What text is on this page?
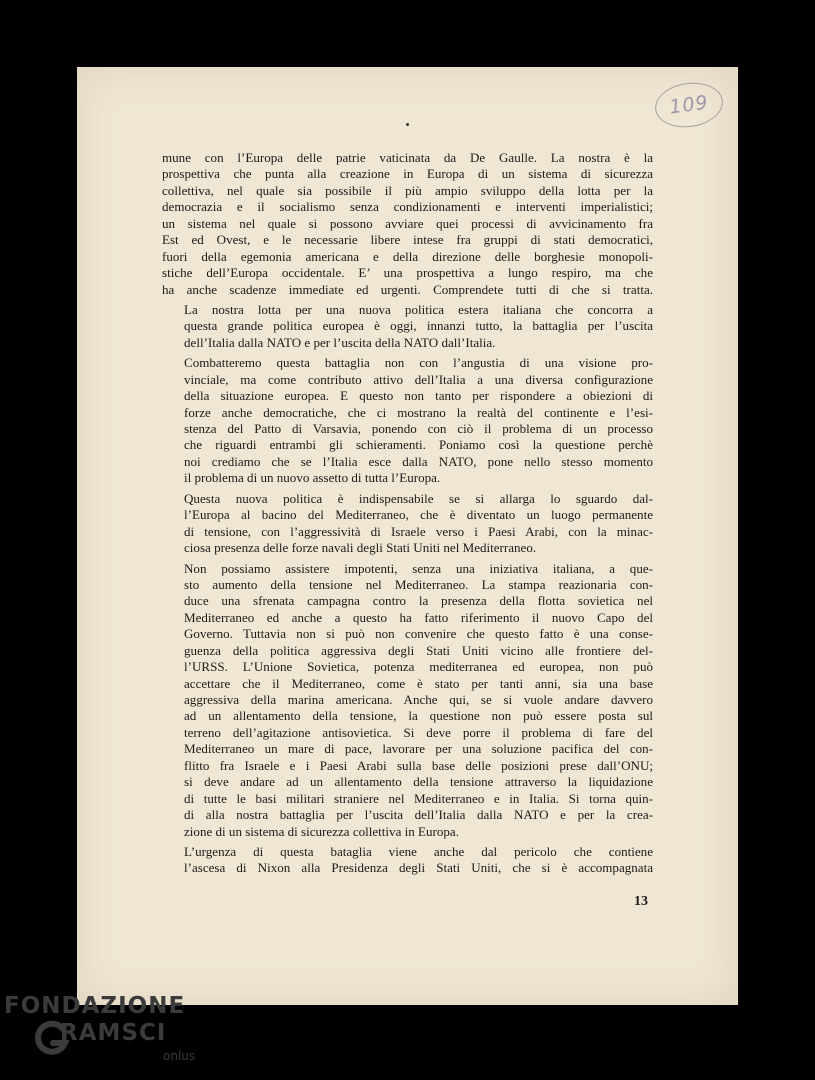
109

mune con l’Europa delle patrie vaticinata da De Gaulle. La nostra è la
prospettiva che punta alla creazione in Europa di un sistema di sicurezza
collettiva, nel quale sia possibile il più ampio sviluppo della lotta per la
democrazia e il socialismo senza condizionamenti e interventi imperialistici;
un sistema nel quale si possono avviare quei processi di avvicinamento fra
Est ed Ovest, e le necessarie libere intese fra gruppi di stati democratici,
fuori della egemonia americana e della direzione delle borghesie monopoli-
stiche dell’Europa occidentale. E’ una prospettiva a lungo respiro, ma che
ha anche scadenze immediate ed urgenti. Comprendete tutti di che si tratta.

La nostra lotta per una nuova politica estera italiana che concorra a
questa grande politica europea è oggi, innanzi tutto, la battaglia per l’uscita
dell’Italia dalla NATO e per l’uscita della NATO dall’Italia.

Combatteremo questa battaglia non con l’angustia di una visione pro-
vinciale, ma come contributo attivo dell’Italia a una diversa configurazione
della situazione europea. E questo non tanto per rispondere a obiezioni di
forze anche democratiche, che ci mostrano la realtà del continente e l’esi-
stenza del Patto di Varsavia, ponendo con ciò il problema di un processo
che riguardi entrambi gli schieramenti. Poniamo così la questione perchè
noi crediamo che se l’Italia esce dalla NATO, pone nello stesso momento
il problema di un nuovo assetto di tutta l’Europa.

Questa nuova politica è indispensabile se si allarga lo sguardo dal-
l’Europa al bacino del Mediterraneo, che è diventato un luogo permanente
di tensione, con l’aggressività di Israele verso i Paesi Arabi, con la minac-
ciosa presenza delle forze navali degli Stati Uniti nel Mediterraneo.

Non possiamo assistere impotenti, senza una iniziativa italiana, a que-
sto aumento della tensione nel Mediterraneo. La stampa reazionaria con-
duce una sfrenata campagna contro la presenza della flotta sovietica nel
Mediterraneo ed anche a questo ha fatto riferimento il nuovo Capo del
Governo. Tuttavia non si può non convenire che questo fatto è una conse-
guenza della politica aggressiva degli Stati Uniti vicino alle frontiere del-
l’URSS. L’Unione Sovietica, potenza mediterranea ed europea, non può
accettare che il Mediterraneo, come è stato per tanti anni, sia una base
aggressiva della marina americana. Anche qui, se si vuole andare davvero
ad un allentamento della tensione, la questione non può essere posta sul
terreno dell’agitazione antisovietica. Si deve porre il problema di fare del
Mediterraneo un mare di pace, lavorare per una soluzione pacifica del con-
flitto fra Israele e i Paesi Arabi sulla base delle posizioni prese dall’ONU;
si deve andare ad un allentamento della tensione attraverso la liquidazione
di tutte le basi militari straniere nel Mediterraneo e in Italia. Si torna quin-
di alla nostra battaglia per l’uscita dell’Italia dalla NATO e per la crea-
zione di un sistema di sicurezza collettiva in Europa.

L’urgenza di questa bataglia viene anche dal pericolo che contiene
l’ascesa di Nixon alla Presidenza degli Stati Uniti, che si è accompagnata

13
FONDAZIONE
G RAMSCI
onlus
